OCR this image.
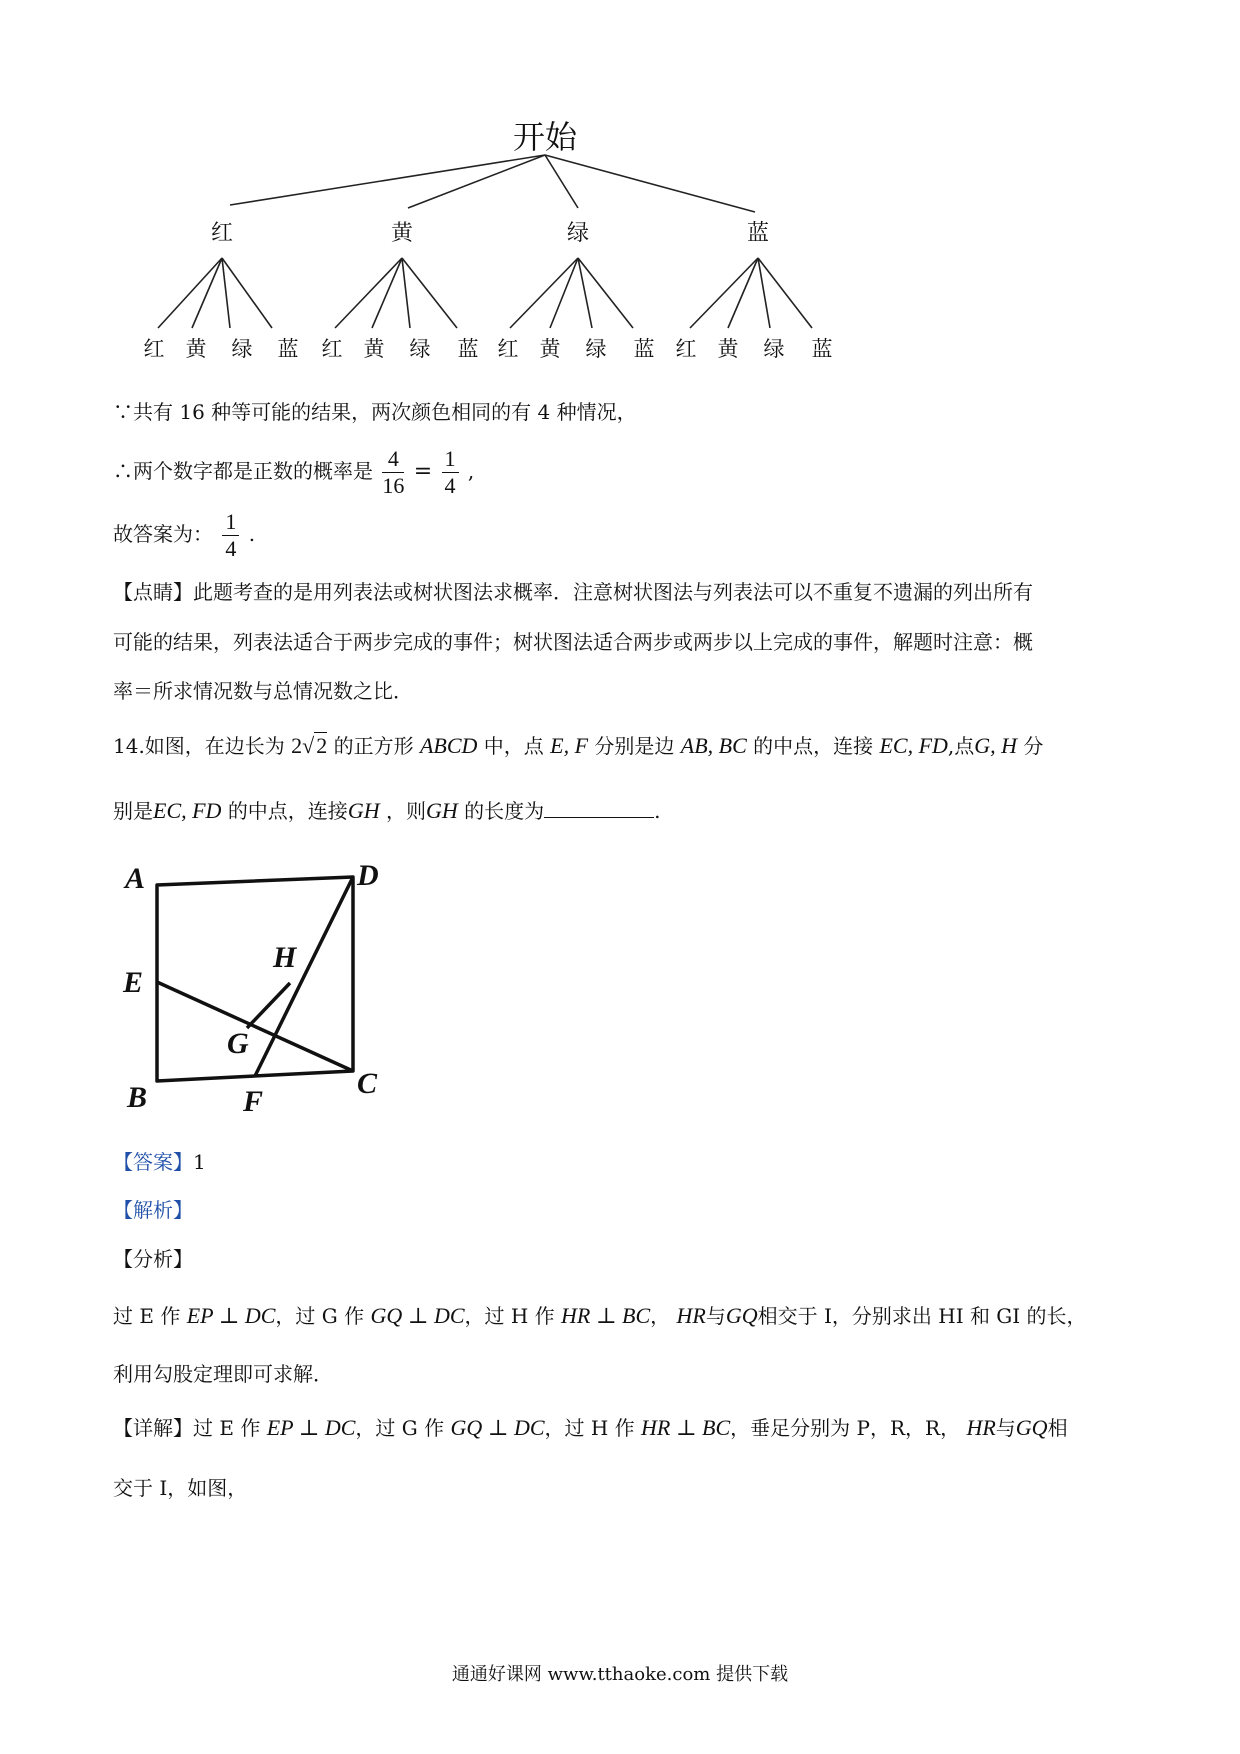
开始
红	黄	绿	蓝
红 黄 绿 蓝 红 黄 绿 蓝 红 黄 绿 蓝 红 黄 绿 蓝
∵共有 16 种等可能的结果，两次颜色相同的有 4 种情况，
∴两个数字都是正数的概率是 $\frac{4}{16} = \frac{1}{4}$ ,
故答案为： $\frac{1}{4}$ .
【点睛】此题考查的是用列表法或树状图法求概率．注意树状图法与列表法可以不重复不遗漏的列出所有
可能的结果，列表法适合于两步完成的事件；树状图法适合两步或两步以上完成的事件，解题时注意：概
率＝所求情况数与总情况数之比．
14.如图，在边长为 2√2 的正方形 ABCD 中，点 E, F 分别是边 AB, BC 的中点，连接 EC, FD,点G, H 分
别是EC, FD 的中点，连接GH ，则GH 的长度为	.
A	D
E
H
G
B	F
C
【答案】1
【解析】
【分析】
过 E 作 EP ⊥ DC，过 G 作 GQ ⊥ DC，过 H 作 HR ⊥ BC， HR与GQ相交于 I，分别求出 HI 和 GI 的长，
利用勾股定理即可求解．
【详解】过 E 作 EP ⊥ DC，过 G 作 GQ ⊥ DC，过 H 作 HR ⊥ BC，垂足分别为 P，R，R， HR与GQ相
交于 I，如图，
通通好课网 www.tthaoke.com 提供下载
